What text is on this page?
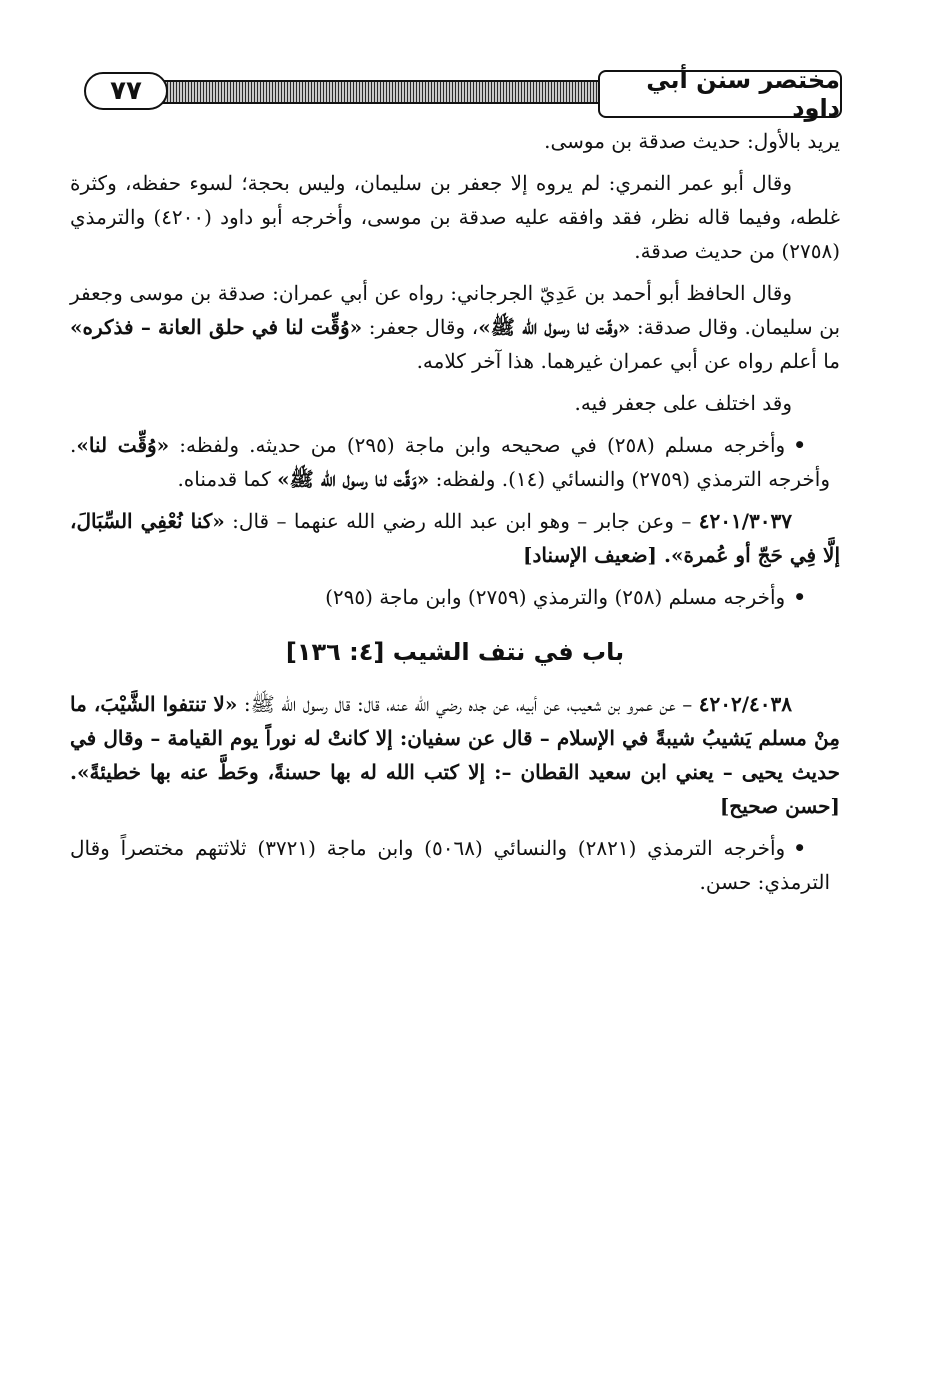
٧٧	مختصر سنن أبي داود

يريد بالأول: حديث صدقة بن موسى.

وقال أبو عمر النمري: لم يروه إلا جعفر بن سليمان، وليس بحجة؛ لسوء حفظه، وكثرة غلطه، وفيما قاله نظر، فقد وافقه عليه صدقة بن موسى، وأخرجه أبو داود (٤٢٠٠) والترمذي (٢٧٥٨) من حديث صدقة.

وقال الحافظ أبو أحمد بن عَدِيّ الجرجاني: رواه عن أبي عمران: صدقة بن موسى وجعفر بن سليمان. وقال صدقة: «وقّت لنا رسول الله ﷺ»، وقال جعفر: «وُقِّت لنا في حلق العانة – فذكره» ما أعلم رواه عن أبي عمران غيرهما. هذا آخر كلامه.

وقد اختلف على جعفر فيه.

•وأخرجه مسلم (٢٥٨) في صحيحه وابن ماجة (٢٩٥) من حديثه. ولفظه: «وُقِّت لنا». وأخرجه الترمذي (٢٧٥٩) والنسائي (١٤). ولفظه: «وَقَّت لنا رسول الله ﷺ» كما قدمناه.

٤٢٠١/٣٠٣٧ – وعن جابر – وهو ابن عبد الله رضي الله عنهما – قال: «كنا نُعْفِي السِّبَالَ، إلَّا فِي حَجّ أو عُمرة». [ضعيف الإسناد]

•وأخرجه مسلم (٢٥٨) والترمذي (٢٧٥٩) وابن ماجة (٢٩٥)

باب في نتف الشيب [٤: ١٣٦]

٤٢٠٢/٤٠٣٨ – عن عمرو بن شعيب، عن أبيه، عن جده رضي الله عنه، قال: قال رسول الله ﷺ: «لا تنتفوا الشَّيْبَ، ما مِنْ مسلم يَشيبُ شيبةً في الإسلام – قال عن سفيان: إلا كانتْ له نوراً يوم القيامة – وقال في حديث يحيى – يعني ابن سعيد القطان –: إلا كتب الله له بها حسنةً، وحَطَّ عنه بها خطيئةً». [حسن صحيح]

•وأخرجه الترمذي (٢٨٢١) والنسائي (٥٠٦٨) وابن ماجة (٣٧٢١) ثلاثتهم مختصراً وقال الترمذي: حسن.
